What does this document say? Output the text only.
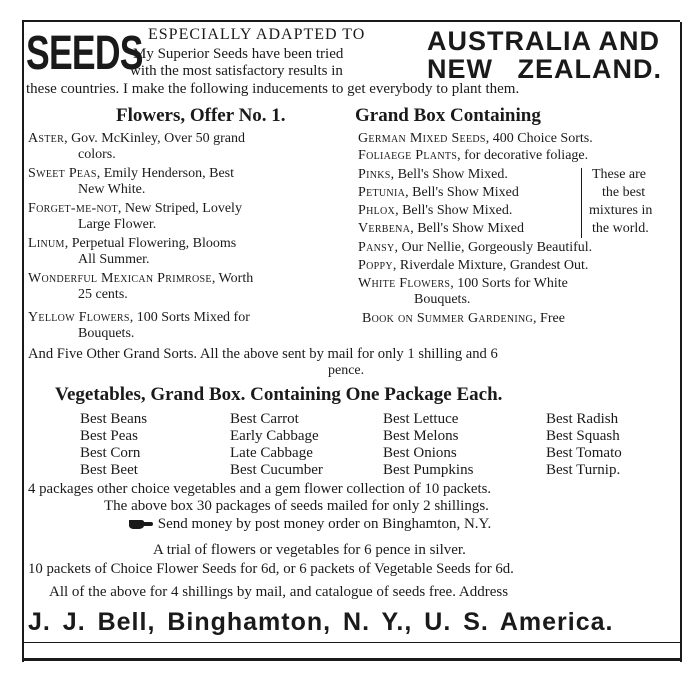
SEEDS ESPECIALLY ADAPTED TO
My Superior Seeds have been tried
with the most satisfactory results in
AUSTRALIA AND
NEW ZEALAND.
these countries. I make the following inducements to get everybody to plant them.
Flowers, Offer No. 1.	Grand Box Containing
Aster, Gov. McKinley, Over 50 grand
colors.
Sweet Peas, Emily Henderson, Best
New White.
Forget-me-not, New Striped, Lovely
Large Flower.
Linum, Perpetual Flowering, Blooms
All Summer.
Wonderful Mexican Primrose, Worth
25 cents.
Yellow Flowers, 100 Sorts Mixed for
Bouquets.
German Mixed Seeds, 400 Choice Sorts.
Foliaege Plants, for decorative foliage.
Pinks, Bell's Show Mixed.
Petunia, Bell's Show Mixed
Phlox, Bell's Show Mixed.
Verbena, Bell's Show Mixed
Pansy, Our Nellie, Gorgeously Beautiful.
Poppy, Riverdale Mixture, Grandest Out.
White Flowers, 100 Sorts for White
Bouquets.
Book on Summer Gardening, Free
These are
the best
mixtures in
the world.
And Five Other Grand Sorts. All the above sent by mail for only 1 shilling and 6
pence.
Vegetables, Grand Box. Containing One Package Each.
Best Beans
Best Peas
Best Corn
Best Beet
Best Carrot
Early Cabbage
Late Cabbage
Best Cucumber
Best Lettuce
Best Melons
Best Onions
Best Pumpkins
Best Radish
Best Squash
Best Tomato
Best Turnip.
4 packages other choice vegetables and a gem flower collection of 10 packets.
The above box 30 packages of seeds mailed for only 2 shillings.
Send money by post money order on Binghamton, N.Y.
A trial of flowers or vegetables for 6 pence in silver.
10 packets of Choice Flower Seeds for 6d, or 6 packets of Vegetable Seeds for 6d.
All of the above for 4 shillings by mail, and catalogue of seeds free. Address
J. J. Bell, Binghamton, N. Y., U. S. America.
